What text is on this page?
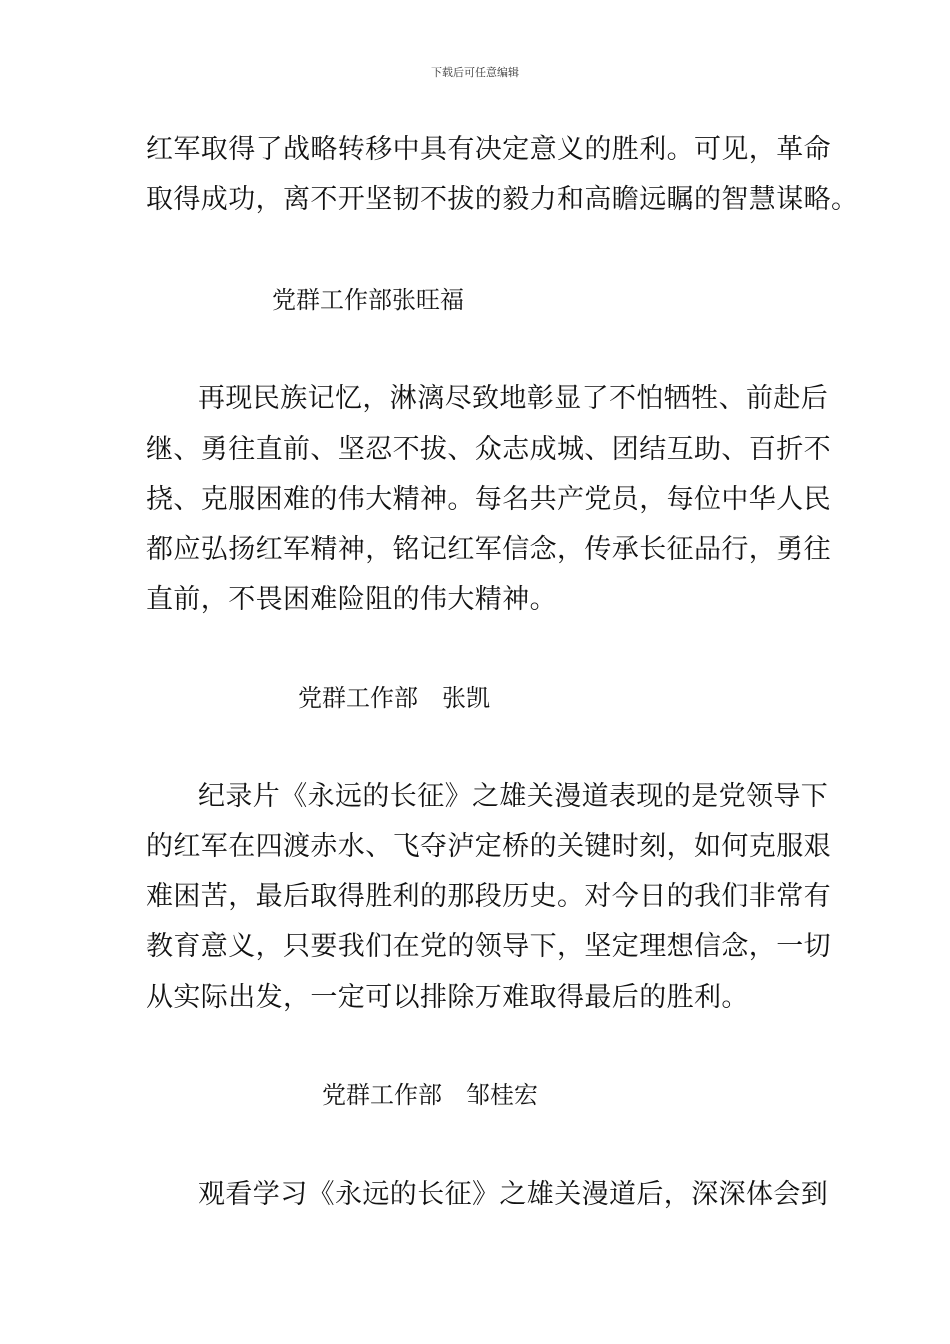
下载后可任意编辑
红军取得了战略转移中具有决定意义的胜利。可见，革命
取得成功，离不开坚韧不拔的毅力和高瞻远瞩的智慧谋略。
党群工作部张旺福
再现民族记忆，淋漓尽致地彰显了不怕牺牲、前赴后
继、勇往直前、坚忍不拔、众志成城、团结互助、百折不
挠、克服困难的伟大精神。每名共产党员，每位中华人民
都应弘扬红军精神，铭记红军信念，传承长征品行，勇往
直前，不畏困难险阻的伟大精神。
党群工作部　张凯
纪录片《永远的长征》之雄关漫道表现的是党领导下
的红军在四渡赤水、飞夺泸定桥的关键时刻，如何克服艰
难困苦，最后取得胜利的那段历史。对今日的我们非常有
教育意义，只要我们在党的领导下，坚定理想信念，一切
从实际出发，一定可以排除万难取得最后的胜利。
党群工作部　邹桂宏
观看学习《永远的长征》之雄关漫道后，深深体会到
